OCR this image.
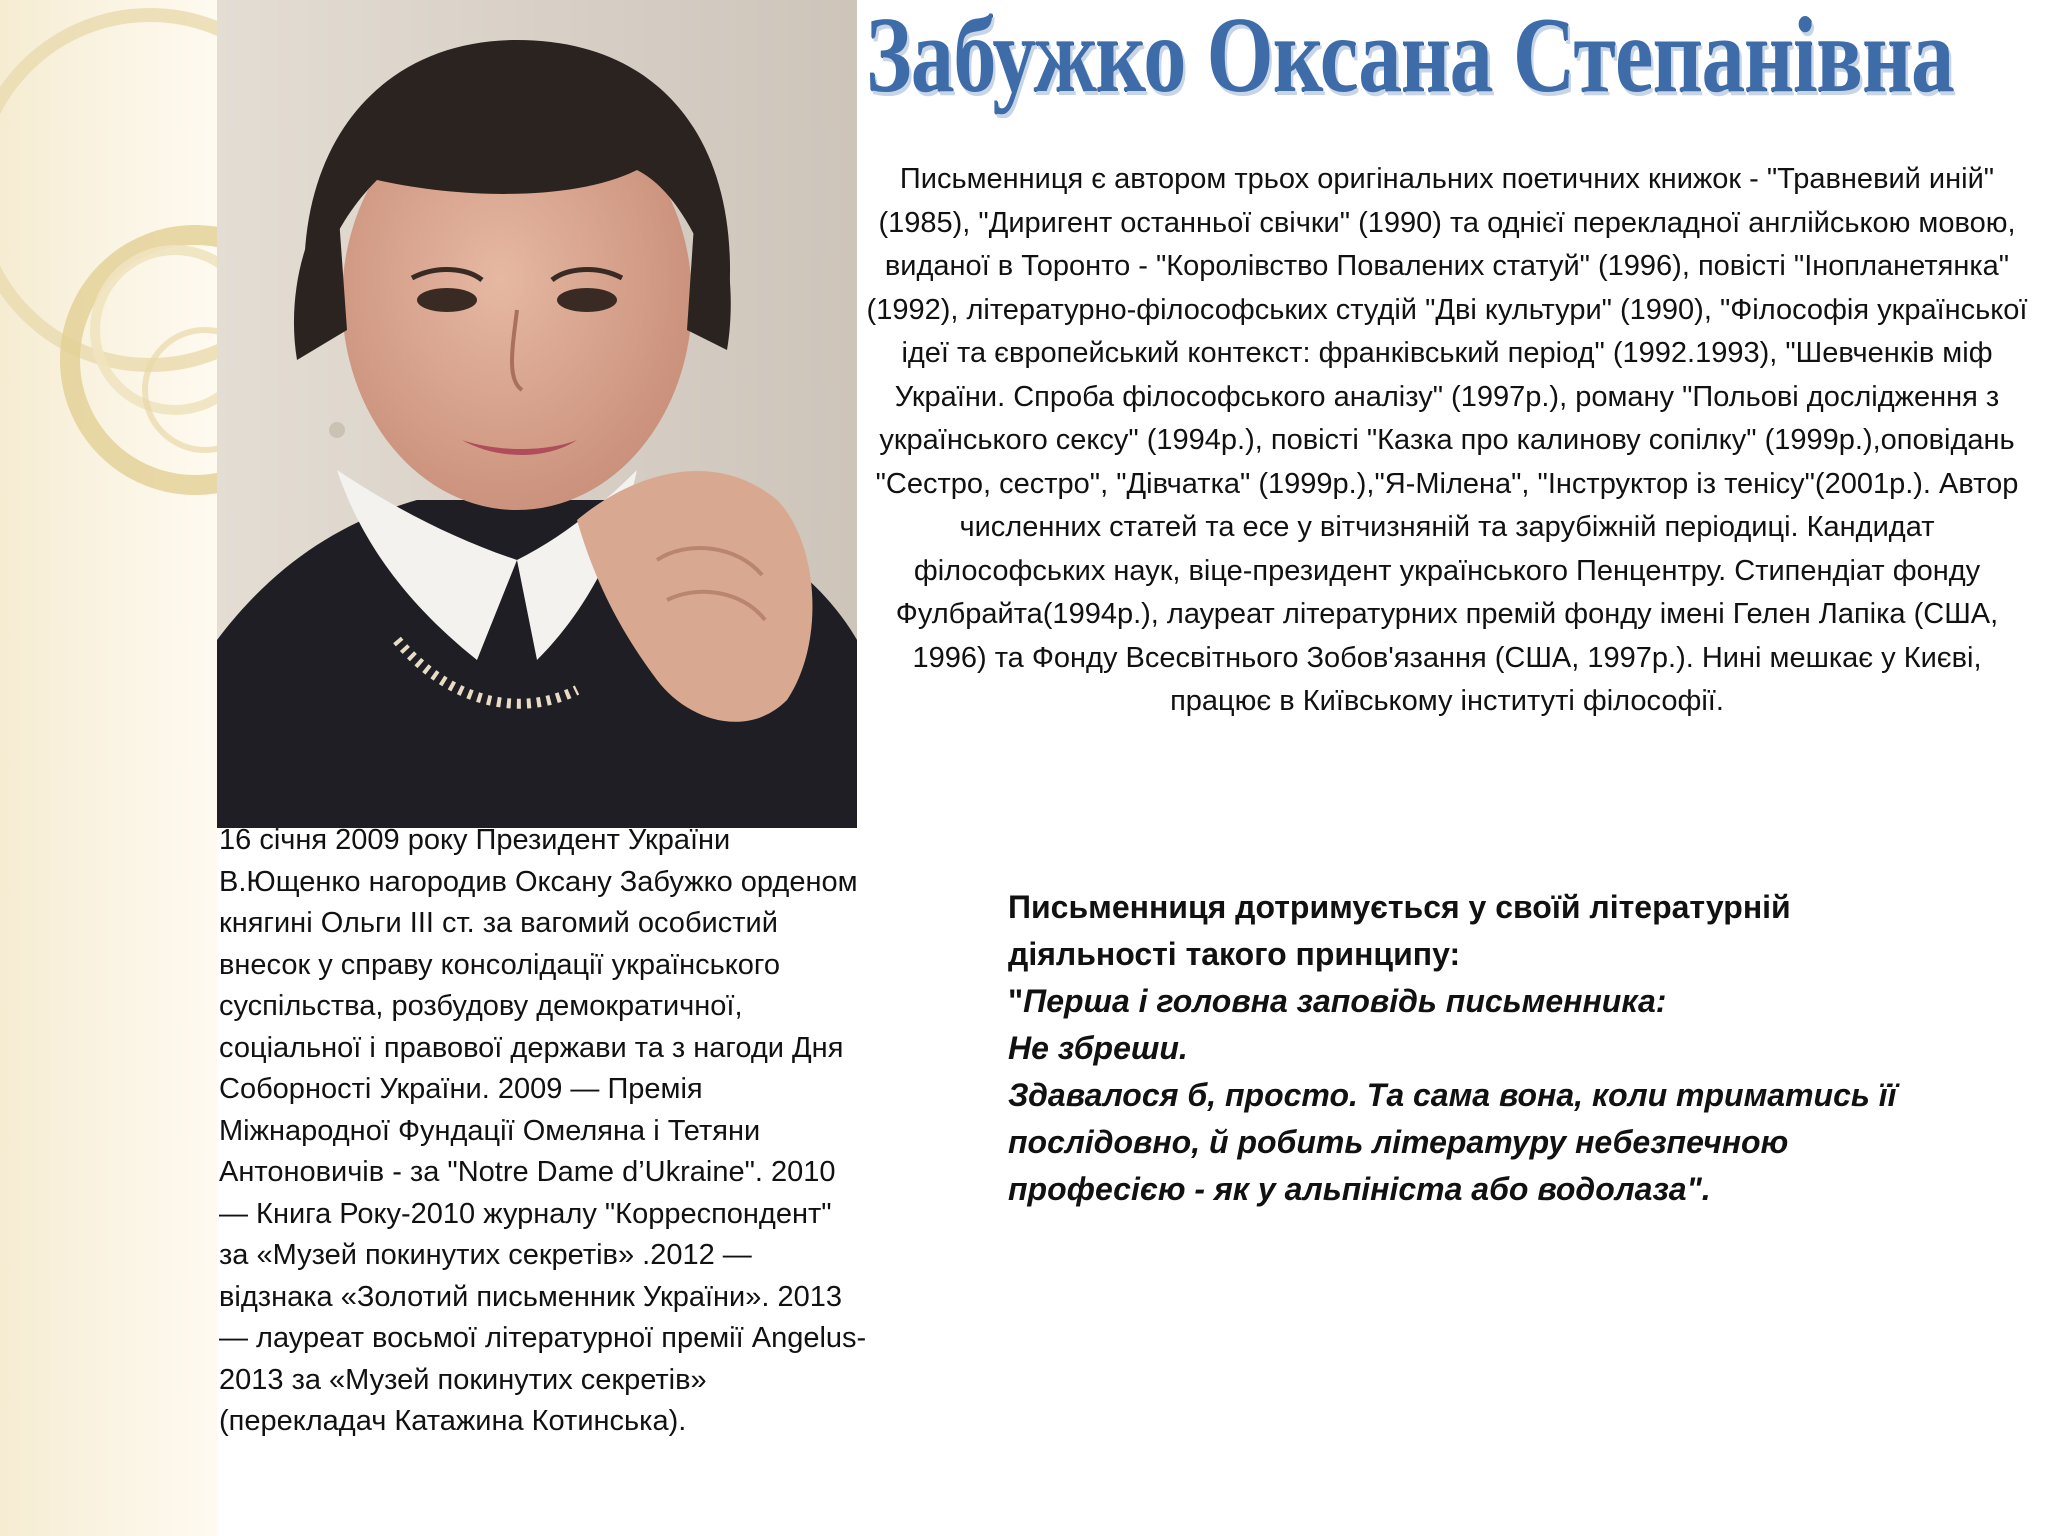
Забужко Оксана Степанівна

Письменниця є автором трьох оригінальних поетичних книжок - "Травневий иній" (1985), "Диригент останньої свічки" (1990) та однієї перекладної англійською мовою, виданої в Торонто - "Королівство Повалених статуй" (1996), повісті "Інопланетянка" (1992), літературно-філософських студій "Дві культури" (1990), "Філософія української ідеї та європейський контекст: франківський період" (1992.1993), "Шевченків міф України. Спроба філософського аналізу" (1997р.), роману "Польові дослідження з українського сексу" (1994р.), повісті "Казка про калинову сопілку" (1999р.),оповідань "Сестро, сестро", "Дівчатка" (1999р.),"Я-Мілена", "Інструктор із тенісу"(2001р.). Автор численних статей та есе у вітчизняній та зарубіжній періодиці. Кандидат філософських наук, віце-президент українського Пенцентру. Стипендіат фонду Фулбрайта(1994р.), лауреат літературних премій фонду імені Гелен Лапіка (США, 1996) та Фонду Всесвітнього Зобов'язання (США, 1997р.). Нині мешкає у Києві, працює в Київському інституті філософії.

16 січня 2009 року Президент України В.Ющенко нагородив Оксану Забужко орденом княгині Ольги ІІІ ст. за вагомий особистий внесок у справу консолідації українського суспільства, розбудову демократичної, соціальної і правової держави та з нагоди Дня Соборності України. 2009 — Премія Міжнародної Фундації Омеляна і Тетяни Антоновичів - за "Notre Dame d’Ukraine". 2010 — Книга Року-2010 журналу "Корреспондент" за «Музей покинутих секретів» .2012 — відзнака «Золотий письменник України». 2013 — лауреат восьмої літературної премії Angelus-2013 за «Музей покинутих секретів» (перекладач Катажина Котинська).

Письменниця дотримується у своїй літературній діяльності такого принципу:
"Перша і головна заповідь письменника:
Не збреши.
Здавалося б, просто. Та сама вона, коли триматись її послідовно, й робить літературу небезпечною професією - як у альпініста або водолаза".
